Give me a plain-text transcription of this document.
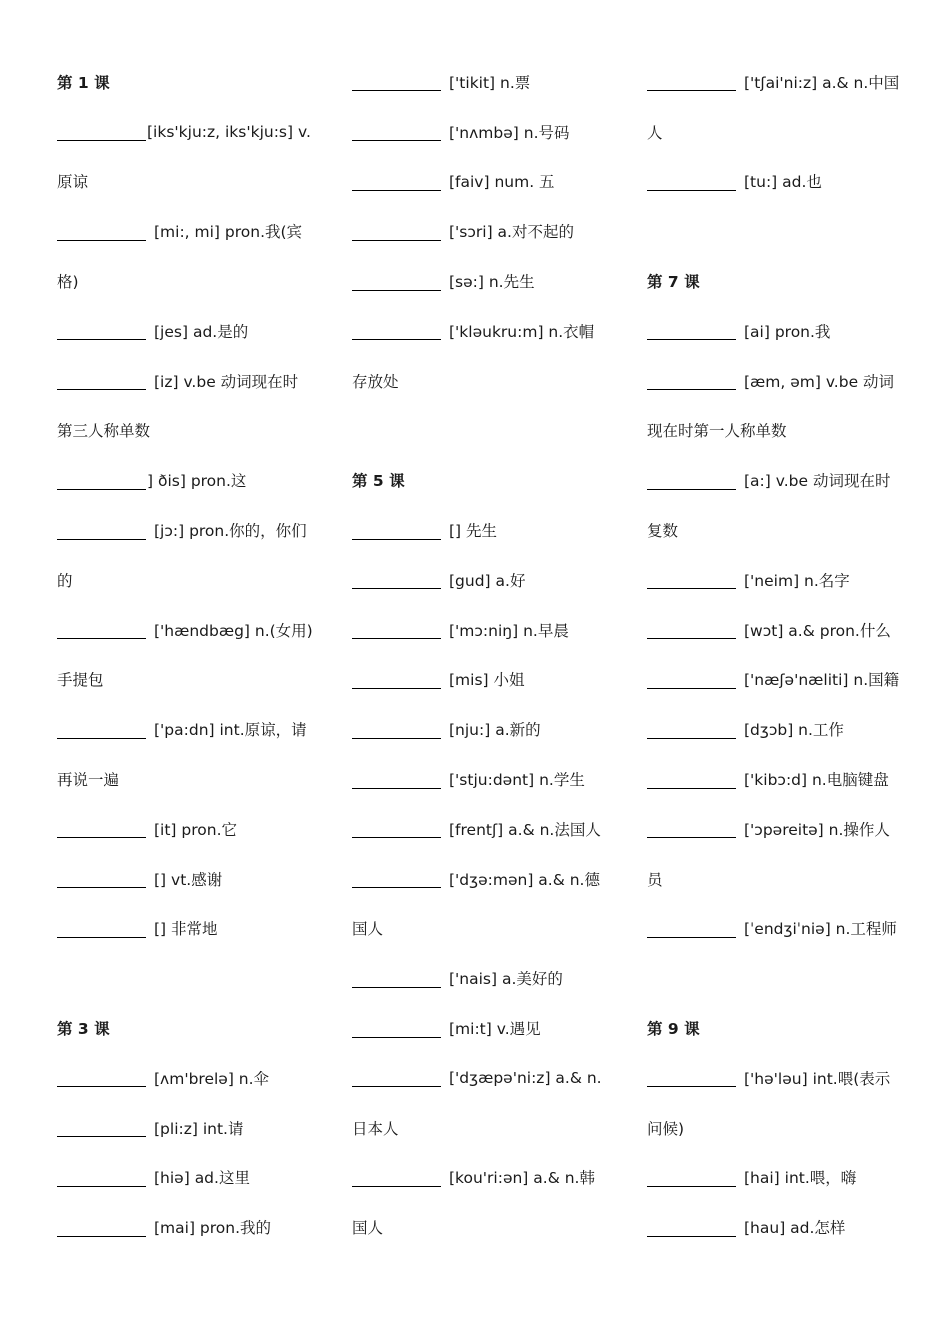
第 1 课
[iks'kju:z, iks'kju:s] v.
原谅
[mi:, mi] pron.我(宾
格)
[jes] ad.是的
[iz] v.be 动词现在时
第三人称单数
] ðis] pron.这
[jɔ:] pron.你的，你们
的
['hændbæg] n.(女用)
手提包
['pa:dn] int.原谅，请
再说一遍
[it] pron.它
[] vt.感谢
[] 非常地
第 3 课
[ʌm'brelə] n.伞
[pli:z] int.请
[hiə] ad.这里
[mai] pron.我的
['tikit] n.票
['nʌmbə] n.号码
[faiv] num. 五
['sɔri] a.对不起的
[sə:] n.先生
['kləukru:m] n.衣帽
存放处
第 5 课
[] 先生
[gud] a.好
['mɔ:niŋ] n.早晨
[mis] 小姐
[nju:] a.新的
['stju:dənt] n.学生
[frentʃ] a.& n.法国人
['dʒə:mən] a.& n.德
国人
['nais] a.美好的
[mi:t] v.遇见
['dʒæpə'ni:z] a.& n.
日本人
[kou'ri:ən] a.& n.韩
国人
['tʃai'ni:z] a.& n.中国
人
[tu:] ad.也
第 7 课
[ai] pron.我
[æm, əm] v.be 动词
现在时第一人称单数
[a:] v.be 动词现在时
复数
['neim] n.名字
[wɔt] a.& pron.什么
['næʃə'næliti] n.国籍
[dʒɔb] n.工作
['kibɔ:d] n.电脑键盘
['ɔpəreitə] n.操作人
员
[ˈendʒiˈniə] n.工程师
第 9 课
['hə'ləu] int.喂(表示
问候)
[hai] int.喂，嗨
[hau] ad.怎样
